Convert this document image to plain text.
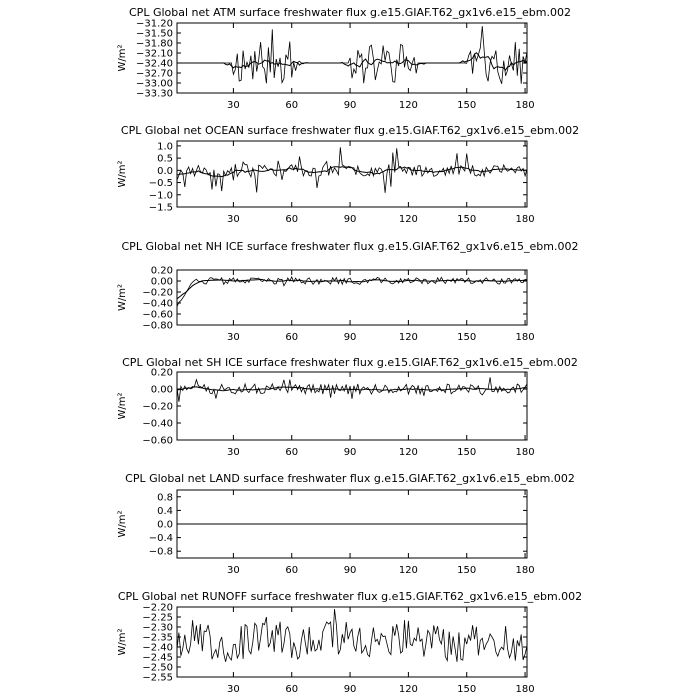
CPL Global net ATM surface freshwater flux g.e15.GIAF.T62_gx1v6.e15_ebm.002
W/m²
−31.20
−31.50
−31.80
−32.10
−32.40
−32.70
−33.00
−33.30
30	60	90	120	150	180
CPL Global net OCEAN surface freshwater flux g.e15.GIAF.T62_gx1v6.e15_ebm.002
W/m²
1.0
0.5
0.0
−0.5
−1.0
−1.5
30	60	90	120	150	180
CPL Global net NH ICE surface freshwater flux g.e15.GIAF.T62_gx1v6.e15_ebm.002
W/m²
0.20
0.00
−0.20
−0.40
−0.60
−0.80
30	60	90	120	150	180
CPL Global net SH ICE surface freshwater flux g.e15.GIAF.T62_gx1v6.e15_ebm.002
W/m²
0.20
0.00
−0.20
−0.40
−0.60
30	60	90	120	150	180
CPL Global net LAND surface freshwater flux g.e15.GIAF.T62_gx1v6.e15_ebm.002
W/m²
0.8
0.4
0.0
−0.4
−0.8
30	60	90	120	150	180
CPL Global net RUNOFF surface freshwater flux g.e15.GIAF.T62_gx1v6.e15_ebm.002
W/m²
−2.20
−2.25
−2.30
−2.35
−2.40
−2.45
−2.50
−2.55
30	60	90	120	150	180
